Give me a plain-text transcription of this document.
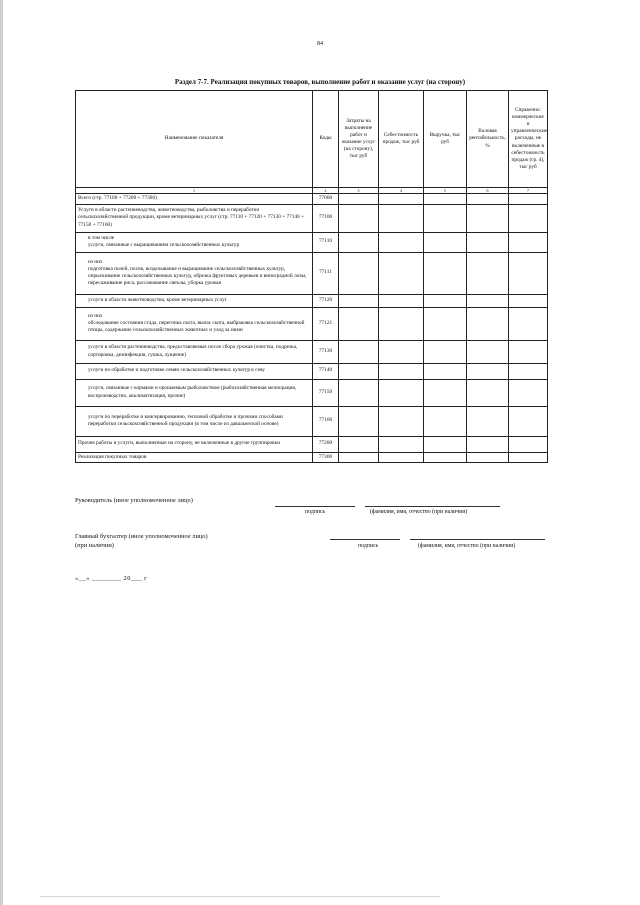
84
Раздел 7-7. Реализация покупных товаров, выполнение работ и оказание услуг (на сторону)
Наименование показателя	Коды	Затраты на выполнение работ и оказание услуг (на сторону), тыс руб	Себестоимость продаж, тыс руб	Выручка, тыс руб	Валовая рентабельность, %	Справочно: коммерческие и управленческие расходы, не включенные в себестоимость продаж (гр. 4), тыс руб
1	2	3	4	5	6	7
Всего (стр. 77100 + 77200 + 77300)	77000					
Услуги в области растениеводства, животноводства, рыболовства и переработки сельскохозяйственной продукции, кроме ветеринарных услуг (стр. 77110 + 77120 + 77130 + 77140 + 77150 + 77160)	77100					

в том числе
услуги, связанные с выращиванием сельскохозяйственных культур	77110					

из них
подготовка полей, посев, возделывание и выращивание сельскохозяйственных культур, опрыскивание сельскохозяйственных культур, обрезка фруктовых деревьев и виноградной лозы, пересаживание риса, рассаживание свеклы, уборка урожая	77111					
услуги в области животноводства, кроме ветеринарных услуг	77120					

из них
обследование состояния стада, перегонка скота, выпас скота, выбраковка сельскохозяйственной птицы, содержание сельскохозяйственных животных и уход за ними	77121					
услуги в области растениеводства, предоставляемые после сбора урожая (очистка, подрезка, сортировка, дезинфекция, сушка, лущение)	77130					
услуги по обработке и подготовке семян сельскохозяйственных культур к севу	77140					
услуги, связанные с кормами и орошаемым рыболовством (рыбохозяйственная мелиорация, воспроизводство, акклиматизация, прочие)	77150					
услуги по переработке и консервированию, тепловой обработке и прочими способами переработки сельскохозяйственной продукции (в том числе из давальческой основе)	77160					
Прочие работы и услуги, выполненные на сторону, не включенные в другие группировки	77200					
Реализация покупных товаров	77300					
Руководитель (иное уполномоченное лицо)
подпись	(фамилия, имя, отчество (при наличии)
Главный бухгалтер (иное уполномоченное лицо)
(при наличии)	подпись	(фамилия, имя, отчество (при наличии)
«__» ________ 20___ г
